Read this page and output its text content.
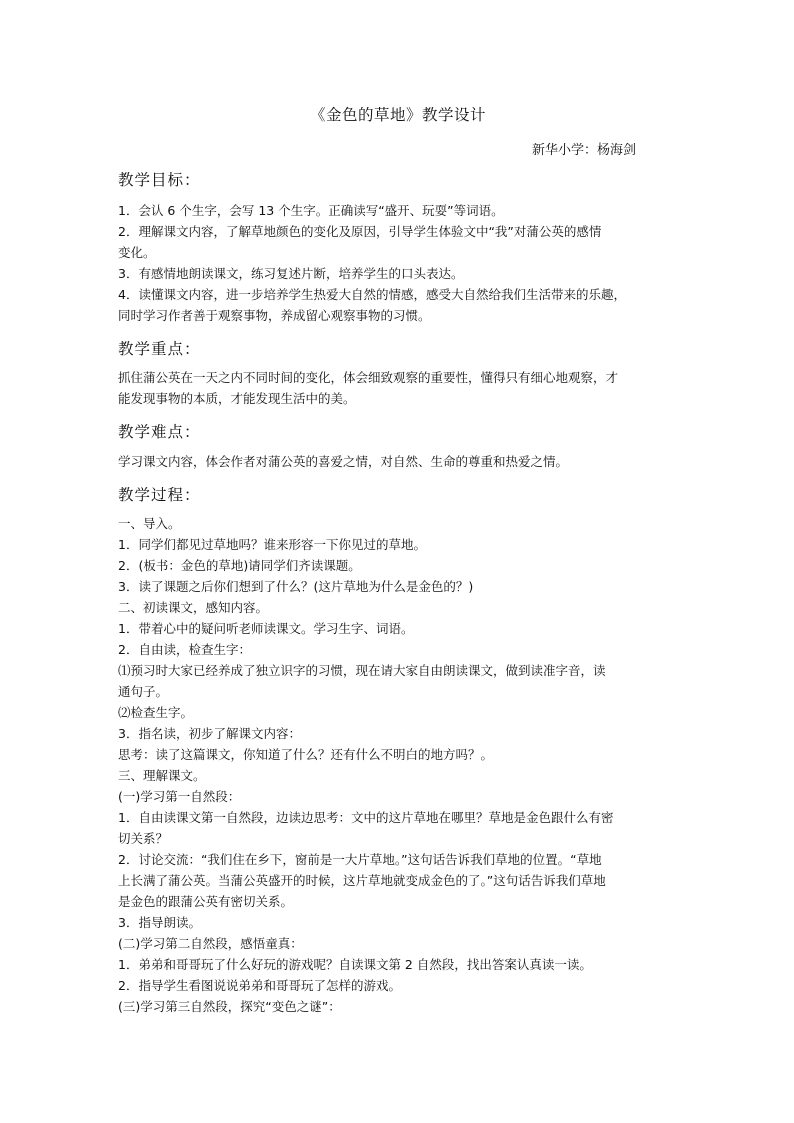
《金色的草地》教学设计
新华小学：杨海剑
教学目标：
1．会认 6 个生字，会写 13 个生字。正确读写“盛开、玩耍”等词语。
2．理解课文内容，了解草地颜色的变化及原因，引导学生体验文中“我”对蒲公英的感情
变化。
3．有感情地朗读课文，练习复述片断，培养学生的口头表达。
4．读懂课文内容，进一步培养学生热爱大自然的情感，感受大自然给我们生活带来的乐趣，
同时学习作者善于观察事物，养成留心观察事物的习惯。
教学重点：
抓住蒲公英在一天之内不同时间的变化，体会细致观察的重要性，懂得只有细心地观察，才
能发现事物的本质，才能发现生活中的美。
教学难点：
学习课文内容，体会作者对蒲公英的喜爱之情，对自然、生命的尊重和热爱之情。
教学过程：
一、导入。
1．同学们都见过草地吗？谁来形容一下你见过的草地。
2．(板书：金色的草地)请同学们齐读课题。
3．读了课题之后你们想到了什么？(这片草地为什么是金色的？)
二、初读课文，感知内容。
1．带着心中的疑问听老师读课文。学习生字、词语。
2．自由读，检查生字：
⑴预习时大家已经养成了独立识字的习惯，现在请大家自由朗读课文，做到读准字音，读
通句子。
⑵检查生字。
3．指名读，初步了解课文内容：
思考：读了这篇课文，你知道了什么？还有什么不明白的地方吗？。
三、理解课文。
(一)学习第一自然段：
1．自由读课文第一自然段，边读边思考：文中的这片草地在哪里？草地是金色跟什么有密
切关系？
2．讨论交流：“我们住在乡下，窗前是一大片草地。”这句话告诉我们草地的位置。“草地
上长满了蒲公英。当蒲公英盛开的时候，这片草地就变成金色的了。”这句话告诉我们草地
是金色的跟蒲公英有密切关系。
3．指导朗读。
(二)学习第二自然段，感悟童真：
1．弟弟和哥哥玩了什么好玩的游戏呢？自读课文第 2 自然段，找出答案认真读一读。
2．指导学生看图说说弟弟和哥哥玩了怎样的游戏。
(三)学习第三自然段，探究“变色之谜”：
